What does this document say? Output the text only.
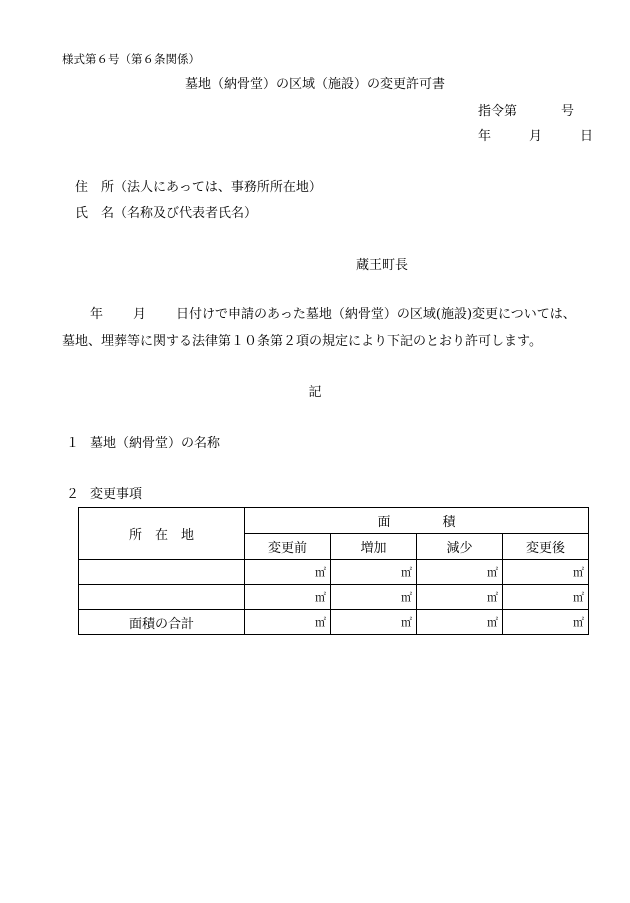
様式第６号（第６条関係）
墓地（納骨堂）の区域（施設）の変更許可書
指令第	号
年	月	日
住　所（法人にあっては、事務所所在地）
氏　名（名称及び代表者氏名）
蔵王町長
年 月 日付けで申請のあった墓地（納骨堂）の区域(施設)変更については、
墓地、埋葬等に関する法律第１０条第２項の規定により下記のとおり許可します。
記
１ 墓地（納骨堂）の名称
２ 変更事項
所　在　地	面　　　　積			
	変更前	増加	減少	変更後
	㎡	㎡	㎡	㎡
	㎡	㎡	㎡	㎡
面積の合計	㎡	㎡	㎡	㎡
